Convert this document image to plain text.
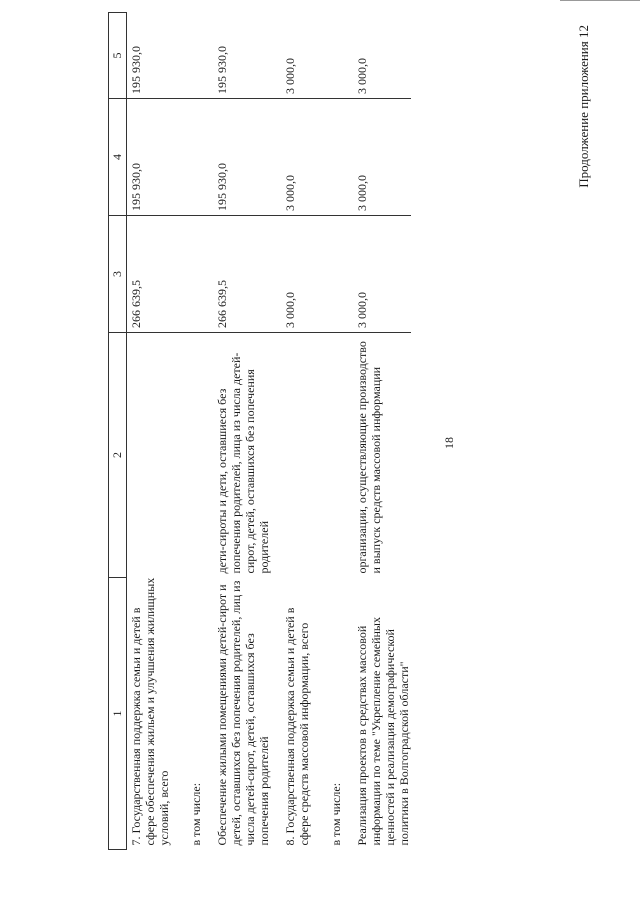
18
Продолжение приложения 12
1	2	3	4	5
7. Государственная поддержка семьи и детей в сфере обеспечения жильем и улучшения жилищных условий, всего		266 639,5	195 930,0	195 930,0
в том числе:				
Обеспечение жилыми помещениями детей-сирот и детей, оставшихся без попечения родителей, лиц из числа детей-сирот, детей, оставшихся без попечения родителей	дети-сироты и дети, оставшиеся без попечения родителей, лица из числа детей-сирот, детей, оставшихся без попечения родителей	266 639,5	195 930,0	195 930,0
8. Государственная поддержка семьи и детей в сфере средств массовой информации, всего		3 000,0	3 000,0	3 000,0
в том числе:				
Реализация проектов в средствах массовой информации по теме "Укрепление семейных ценностей и реализация демографической политики в Волгоградской области"	организации, осуществляющие производство и выпуск средств массовой информации	3 000,0	3 000,0	3 000,0
